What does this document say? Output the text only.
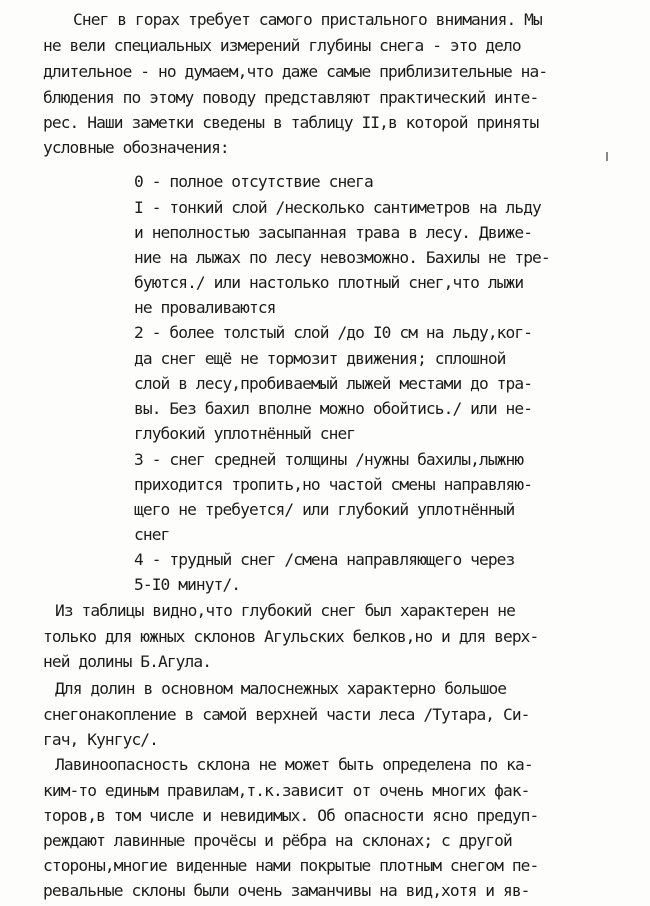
Снег в горах требует самого пристального внимания. Мы
не вели специальных измерений глубины снега - это дело
длительное - но думаем,что даже самые приблизительные на-
блюдения по этому поводу представляют практический инте-
рес. Наши заметки сведены в таблицу II,в которой приняты
условные обозначения:
0 - полное отсутствие снега
I - тонкий слой /несколько сантиметров на льду
и неполностью засыпанная трава в лесу. Движе-
ние на лыжах по лесу невозможно. Бахилы не тре-
буются./ или настолько плотный снег,что лыжи
не проваливаются
2 - более толстый слой /до I0 см на льду,ког-
да снег ещё не тормозит движения; сплошной
слой в лесу,пробиваемый лыжей местами до тра-
вы. Без бахил вполне можно обойтись./ или не-
глубокий уплотнённый снег
3 - снег средней толщины /нужны бахилы,лыжню
приходится тропить,но частой смены направляю-
щего не требуется/ или глубокий уплотнённый
снег
4 - трудный снег /смена направляющего через
5-I0 минут/.
Из таблицы видно,что глубокий снег был характерен не
только для южных склонов Агульских белков,но и для верх-
ней долины Б.Агула.
Для долин в основном малоснежных характерно большое
снегонакопление в самой верхней части леса /Тутара, Си-
гач, Кунгус/.
Лавиноопасность склона не может быть определена по ка-
ким-то единым правилам,т.к.зависит от очень многих фак-
торов,в том числе и невидимых. Об опасности ясно предуп-
реждают лавинные прочёсы и рёбра на склонах; с другой
стороны,многие виденные нами покрытые плотным снегом пе-
ревальные склоны были очень заманчивы на вид,хотя и яв-
